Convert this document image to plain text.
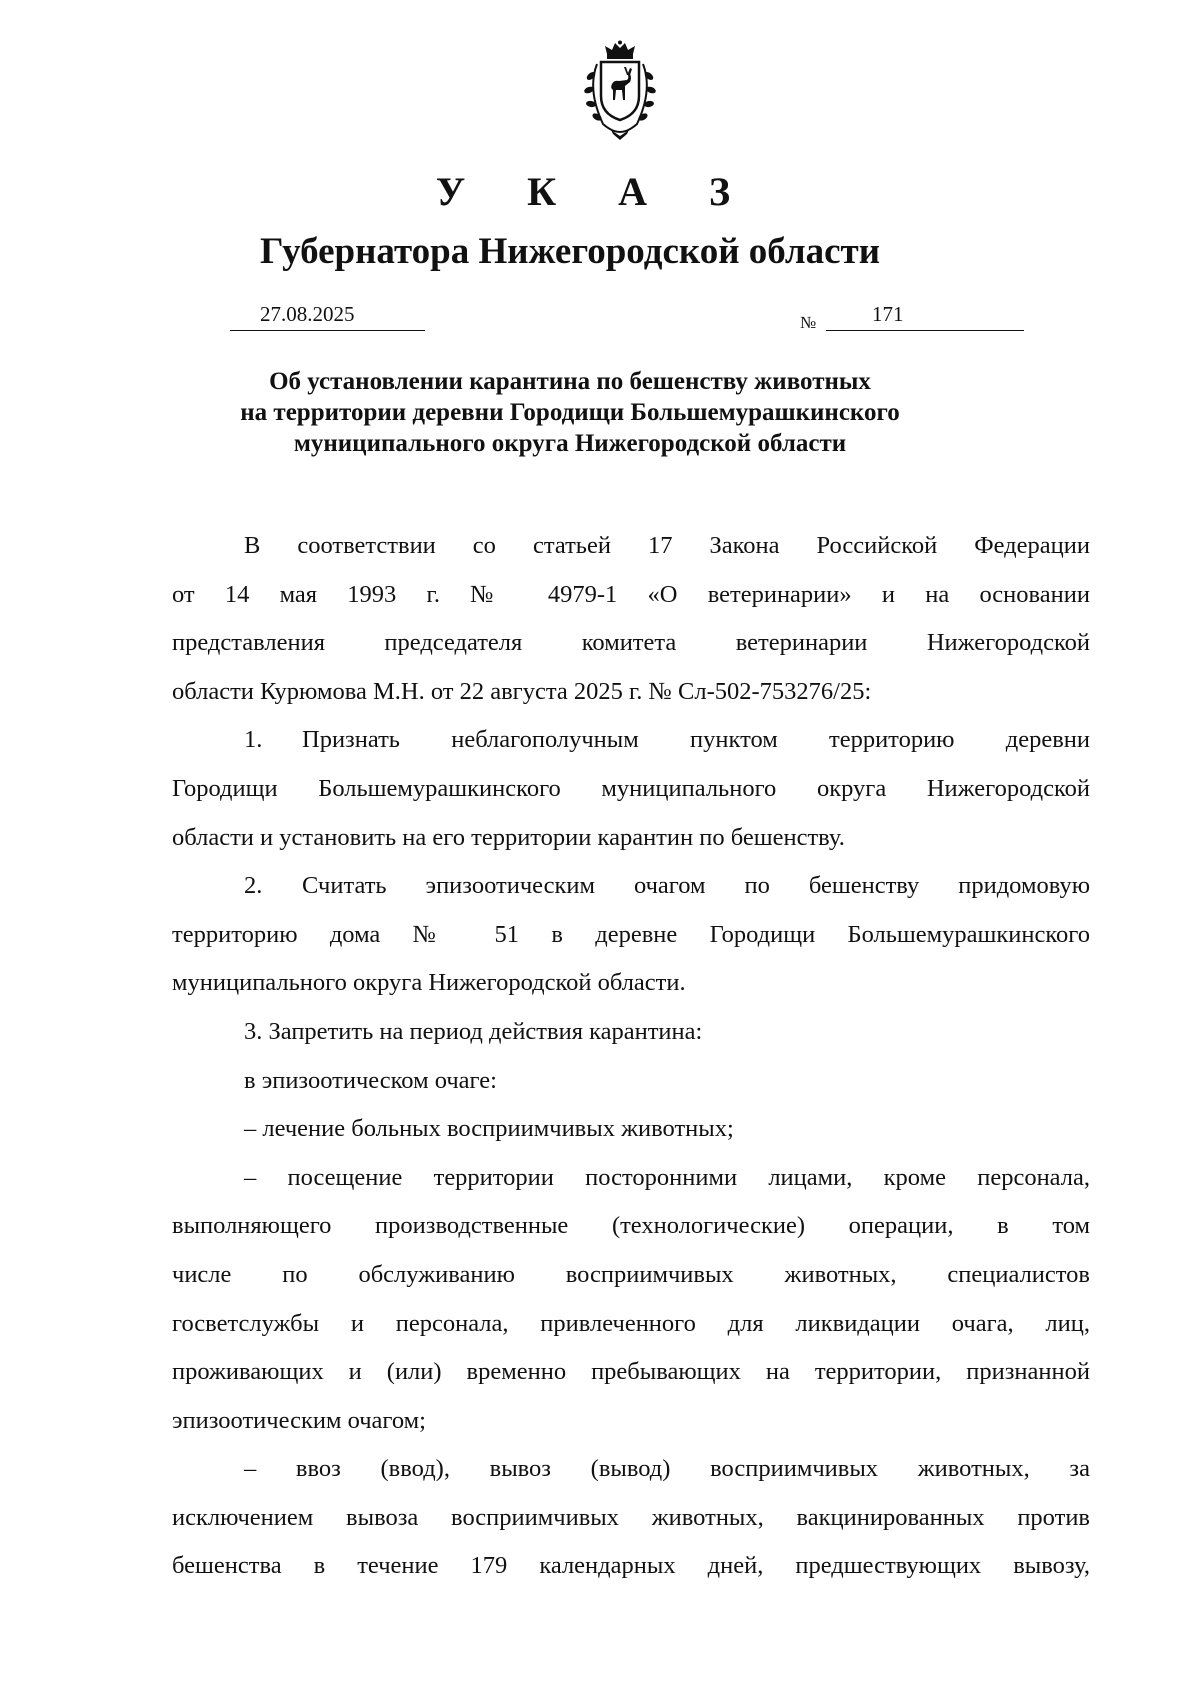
У К А З
Губернатора Нижегородской области
27.08.2025	№	171
Об установлении карантина по бешенству животных
на территории деревни Городищи Большемурашкинского
муниципального округа Нижегородской области
В соответствии со статьей 17 Закона Российской Федерации
от 14 мая 1993 г. № 4979-1 «О ветеринарии» и на основании
представления председателя комитета ветеринарии Нижегородской
области Курюмова М.Н. от 22 августа 2025 г. № Сл-502-753276/25:
1.	Признать неблагополучным пунктом территорию деревни
Городищи Большемурашкинского муниципального округа Нижегородской
области и установить на его территории карантин по бешенству.
2.	Считать эпизоотическим очагом по бешенству придомовую
территорию дома № 51 в деревне Городищи Большемурашкинского
муниципального округа Нижегородской области.
3. Запретить на период действия карантина:
в эпизоотическом очаге:
– лечение больных восприимчивых животных;
– посещение территории посторонними лицами, кроме персонала,
выполняющего производственные (технологические) операции, в том
числе по обслуживанию восприимчивых животных, специалистов
госветслужбы и персонала, привлеченного для ликвидации очага, лиц,
проживающих и (или) временно пребывающих на территории, признанной
эпизоотическим очагом;
– ввоз (ввод), вывоз (вывод) восприимчивых животных, за
исключением вывоза восприимчивых животных, вакцинированных против
бешенства в течение 179 календарных дней, предшествующих вывозу,
